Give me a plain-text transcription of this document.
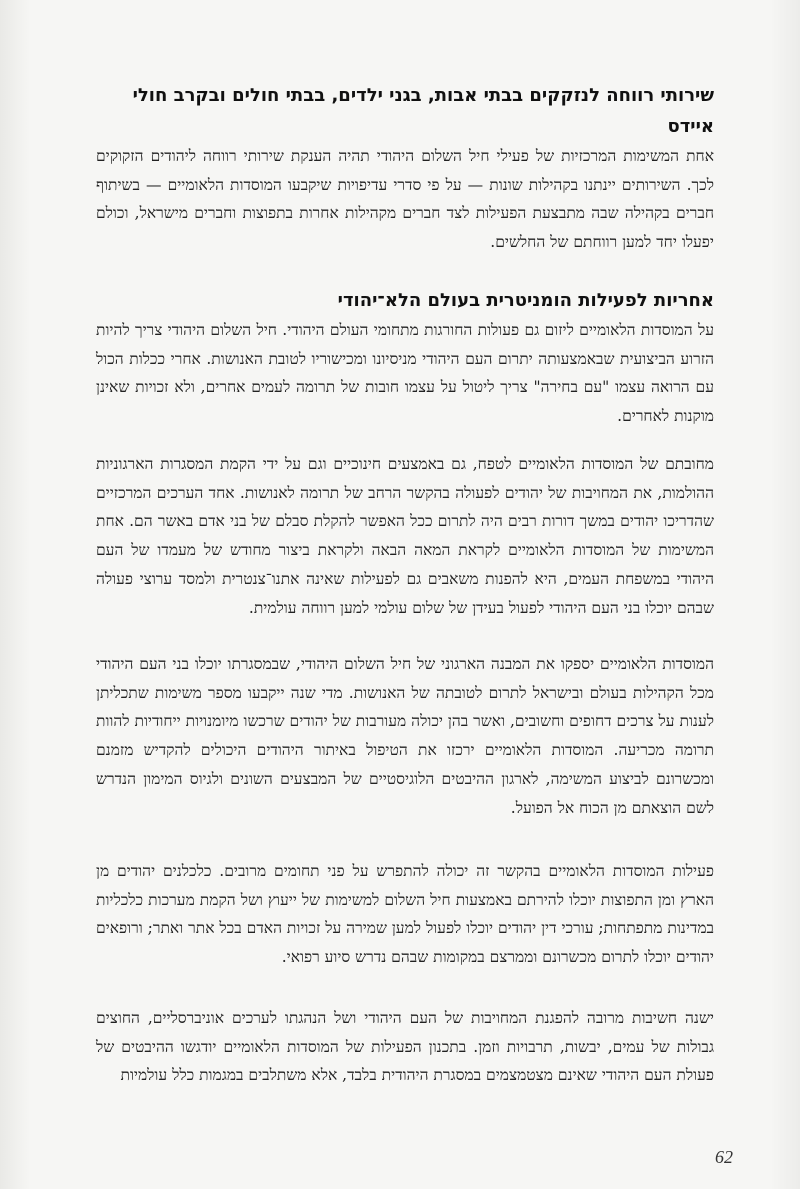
שירותי רווחה לנזקקים בבתי אבות, בגני ילדים, בבתי חולים ובקרב חולי איידס

אחת המשימות המרכזיות של פעילי חיל השלום היהודי תהיה הענקת שירותי רווחה ליהודים הזקוקים לכך. השירותים יינתנו בקהילות שונות — על פי סדרי עדיפויות שיקבעו המוסדות הלאומיים — בשיתוף חברים בקהילה שבה מתבצעת הפעילות לצד חברים מקהילות אחרות בתפוצות וחברים מישראל, וכולם יפעלו יחד למען רווחתם של החלשים.

אחריות לפעילות הומניטרית בעולם הלא־יהודי

על המוסדות הלאומיים ליזום גם פעולות החורגות מתחומי העולם היהודי. חיל השלום היהודי צריך להיות הזרוע הביצועית שבאמצעותה יתרום העם היהודי מניסיונו ומכישוריו לטובת האנושות. אחרי ככלות הכול עם הרואה עצמו "עם בחירה" צריך ליטול על עצמו חובות של תרומה לעמים אחרים, ולא זכויות שאינן מוקנות לאחרים.

מחובתם של המוסדות הלאומיים לטפח, גם באמצעים חינוכיים וגם על ידי הקמת המסגרות הארגוניות ההולמות, את המחויבות של יהודים לפעולה בהקשר הרחב של תרומה לאנושות. אחד הערכים המרכזיים שהדריכו יהודים במשך דורות רבים היה לתרום ככל האפשר להקלת סבלם של בני אדם באשר הם. אחת המשימות של המוסדות הלאומיים לקראת המאה הבאה ולקראת ביצור מחודש של מעמדו של העם היהודי במשפחת העמים, היא להפנות משאבים גם לפעילות שאינה אתנו־צנטרית ולמסד ערוצי פעולה שבהם יוכלו בני העם היהודי לפעול בעידן של שלום עולמי למען רווחה עולמית.

המוסדות הלאומיים יספקו את המבנה הארגוני של חיל השלום היהודי, שבמסגרתו יוכלו בני העם היהודי מכל הקהילות בעולם ובישראל לתרום לטובתה של האנושות. מדי שנה ייקבעו מספר משימות שתכליתן לענות על צרכים דחופים וחשובים, ואשר בהן יכולה מעורבות של יהודים שרכשו מיומנויות ייחודיות להוות תרומה מכריעה. המוסדות הלאומיים ירכזו את הטיפול באיתור היהודים היכולים להקדיש מזמנם ומכשרונם לביצוע המשימה, לארגון ההיבטים הלוגיסטיים של המבצעים השונים ולגיוס המימון הנדרש לשם הוצאתם מן הכוח אל הפועל.

פעילות המוסדות הלאומיים בהקשר זה יכולה להתפרש על פני תחומים מרובים. כלכלנים יהודים מן הארץ ומן התפוצות יוכלו להירתם באמצעות חיל השלום למשימות של ייעוץ ושל הקמת מערכות כלכליות במדינות מתפתחות; עורכי דין יהודים יוכלו לפעול למען שמירה על זכויות האדם בכל אתר ואתר; ורופאים יהודים יוכלו לתרום מכשרונם וממרצם במקומות שבהם נדרש סיוע רפואי.

ישנה חשיבות מרובה להפגנת המחויבות של העם היהודי ושל הנהגתו לערכים אוניברסליים, החוצים גבולות של עמים, יבשות, תרבויות וזמן. בתכנון הפעילות של המוסדות הלאומיים יודגשו ההיבטים של פעולת העם היהודי שאינם מצטמצמים במסגרת היהודית בלבד, אלא משתלבים במגמות כלל עולמיות

62
